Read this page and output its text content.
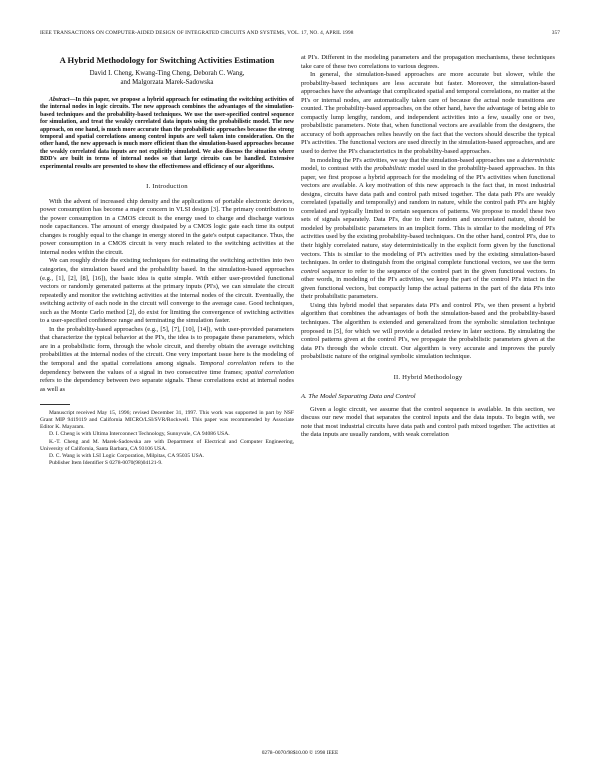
IEEE TRANSACTIONS ON COMPUTER-AIDED DESIGN OF INTEGRATED CIRCUITS AND SYSTEMS, VOL. 17, NO. 4, APRIL 1998	357
A Hybrid Methodology for Switching Activities Estimation
David I. Cheng, Kwang-Ting Cheng, Deborah C. Wang,
and Malgorzata Marek-Sadowska
Abstract—In this paper, we propose a hybrid approach for estimating the switching activities of the internal nodes in logic circuits. The new approach combines the advantages of the simulation-based techniques and the probability-based techniques. We use the user-specified control sequence for simulation, and treat the weakly correlated data inputs using the probabilistic model. The new approach, on one hand, is much more accurate than the probabilistic approaches because the strong temporal and spatial correlations among control inputs are well taken into consideration. On the other hand, the new approach is much more efficient than the simulation-based approaches because the weakly correlated data inputs are not explicitly simulated. We also discuss the situation where BDD's are built in terms of internal nodes so that large circuits can be handled. Extensive experimental results are presented to show the effectiveness and efficiency of our algorithms.
I. Introduction

With the advent of increased chip density and the applications of portable electronic devices, power consumption has become a major concern in VLSI design [3]. The primary contribution to the power consumption in a CMOS circuit is the energy used to charge and discharge various node capacitances. The amount of energy dissipated by a CMOS logic gate each time its output changes is roughly equal to the change in energy stored in the gate's output capacitance. Thus, the power consumption in a CMOS circuit is very much related to the switching activities at the internal nodes within the circuit.

We can roughly divide the existing techniques for estimating the switching activities into two categories, the simulation based and the probability based. In the simulation-based approaches (e.g., [1], [2], [8], [16]), the basic idea is quite simple. With either user-provided functional vectors or randomly generated patterns at the primary inputs (PI's), we can simulate the circuit repeatedly and monitor the switching activities at the internal nodes of the circuit. Eventually, the switching activity of each node in the circuit will converge to the average case. Good techniques, such as the Monte Carlo method [2], do exist for limiting the convergence of switching activities to a user-specified confidence range and terminating the simulation faster.

In the probability-based approaches (e.g., [5], [7], [10], [14]), with user-provided parameters that characterize the typical behavior at the PI's, the idea is to propagate these parameters, which are in a probabilistic form, through the whole circuit, and thereby obtain the average switching probabilities at the internal nodes of the circuit. One very important issue here is the modeling of the temporal and the spatial correlations among signals. Temporal correlation refers to the dependency between the values of a signal in two consecutive time frames; spatial correlation refers to the dependency between two separate signals. These correlations exist at internal nodes as well as

Manuscript received May 15, 1996; revised December 31, 1997. This work was supported in part by NSF Grant MIP 9419119 and California MICRO/LSI/SVR/Rockwell. This paper was recommended by Associate Editor K. Mayaram.

D. I. Cheng is with Ultima Interconnect Technology, Sunnyvale, CA 94086 USA.

K.-T. Cheng and M. Marek-Sadowska are with Department of Electrical and Computer Engineering, University of California, Santa Barbara, CA 93106 USA.

D. C. Wang is with LSI Logic Corporation, Milpitas, CA 95035 USA.

Publisher Item Identifier S 0278-0070(98)04121-9.

at PI's. Different in the modeling parameters and the propagation mechanisms, these techniques take care of these two correlations to various degrees.

In general, the simulation-based approaches are more accurate but slower, while the probability-based techniques are less accurate but faster. Moreover, the simulation-based approaches have the advantage that complicated spatial and temporal correlations, no matter at the PI's or internal nodes, are automatically taken care of because the actual node transitions are counted. The probability-based approaches, on the other hand, have the advantage of being able to compactly lump lengthy, random, and independent activities into a few, usually one or two, probabilistic parameters. Note that, when functional vectors are available from the designers, the accuracy of both approaches relies heavily on the fact that the vectors should describe the typical PI's activities. The functional vectors are used directly in the simulation-based approaches, and are used to derive the PI's characteristics in the probability-based approaches.

In modeling the PI's activities, we say that the simulation-based approaches use a deterministic model, to contrast with the probabilistic model used in the probability-based approaches. In this paper, we first propose a hybrid approach for the modeling of the PI's activities when functional vectors are available. A key motivation of this new approach is the fact that, in most industrial designs, circuits have data path and control path mixed together. The data path PI's are weakly correlated (spatially and temporally) and random in nature, while the control path PI's are highly correlated and typically limited to certain sequences of patterns. We propose to model these two sets of signals separately. Data PI's, due to their random and uncorrelated nature, should be modeled by probabilistic parameters in an implicit form. This is similar to the modeling of PI's activities used by the existing probability-based techniques. On the other hand, control PI's, due to their highly correlated nature, stay deterministically in the explicit form given by the functional vectors. This is similar to the modeling of PI's activities used by the existing simulation-based techniques. In order to distinguish from the original complete functional vectors, we use the term control sequence to refer to the sequence of the control part in the given functional vectors. In other words, in modeling of the PI's activities, we keep the part of the control PI's intact in the given functional vectors, but compactly lump the actual patterns in the part of the data PI's into their probabilistic parameters.

Using this hybrid model that separates data PI's and control PI's, we then present a hybrid algorithm that combines the advantages of both the simulation-based and the probability-based techniques. The algorithm is extended and generalized from the symbolic simulation technique proposed in [5], for which we will provide a detailed review in later sections. By simulating the control patterns given at the control PI's, we propagate the probabilistic parameters given at the data PI's through the whole circuit. Our algorithm is very accurate and improves the purely probabilistic nature of the original symbolic simulation technique.

II. Hybrid Methodology
A. The Model Separating Data and Control

Given a logic circuit, we assume that the control sequence is available. In this section, we discuss our new model that separates the control inputs and the data inputs. To begin with, we note that most industrial circuits have data path and control path mixed together. The activities at the data inputs are usually random, with weak correlation

0278–0070/98$10.00 © 1998 IEEE
